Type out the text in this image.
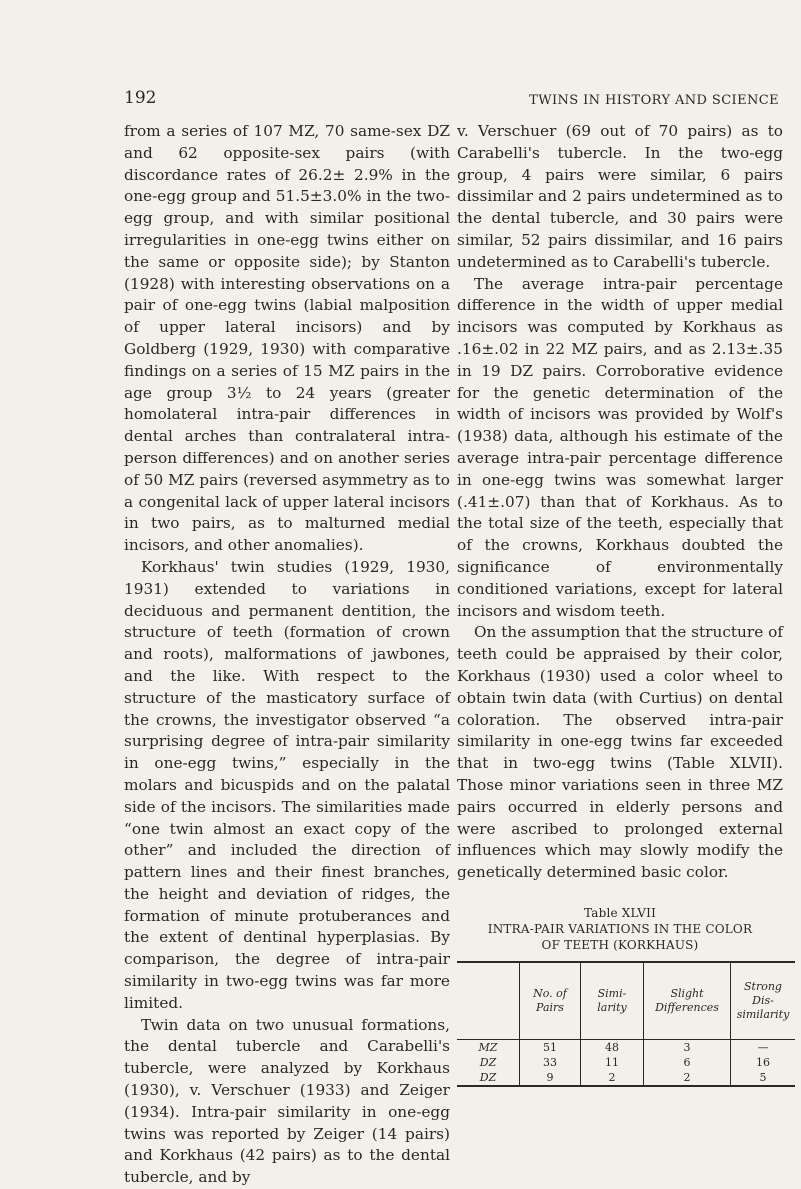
192	TWINS IN HISTORY AND SCIENCE

from a series of 107 MZ, 70 same-sex DZ and 62 opposite-sex pairs (with discordance rates of 26.2± 2.9% in the one-egg group and 51.5±3.0% in the two-egg group, and with similar positional irregularities in one-egg twins either on the same or opposite side); by Stanton (1928) with interesting observations on a pair of one-egg twins (labial malposition of upper lateral incisors) and by Goldberg (1929, 1930) with comparative findings on a series of 15 MZ pairs in the age group 3½ to 24 years (greater homolateral intra-pair differences in dental arches than contralateral intra-person differences) and on another series of 50 MZ pairs (reversed asymmetry as to a congenital lack of upper lateral incisors in two pairs, as to malturned medial incisors, and other anomalies).

Korkhaus' twin studies (1929, 1930, 1931) extended to variations in deciduous and permanent dentition, the structure of teeth (formation of crown and roots), malformations of jawbones, and the like. With respect to the structure of the masticatory surface of the crowns, the investigator observed “a surprising degree of intra-pair similarity in one-egg twins,” especially in the molars and bicuspids and on the palatal side of the incisors. The similarities made “one twin almost an exact copy of the other” and included the direction of pattern lines and their finest branches, the height and deviation of ridges, the formation of minute protuberances and the extent of dentinal hyperplasias. By comparison, the degree of intra-pair similarity in two-egg twins was far more limited.

Twin data on two unusual formations, the dental tubercle and Carabelli's tubercle, were analyzed by Korkhaus (1930), v. Verschuer (1933) and Zeiger (1934). Intra-pair similarity in one-egg twins was reported by Zeiger (14 pairs) and Korkhaus (42 pairs) as to the dental tubercle, and by

v. Verschuer (69 out of 70 pairs) as to Carabelli's tubercle. In the two-egg group, 4 pairs were similar, 6 pairs dissimilar and 2 pairs undetermined as to the dental tubercle, and 30 pairs were similar, 52 pairs dissimilar, and 16 pairs undetermined as to Carabelli's tubercle.

The average intra-pair percentage difference in the width of upper medial incisors was computed by Korkhaus as .16±.02 in 22 MZ pairs, and as 2.13±.35 in 19 DZ pairs. Corroborative evidence for the genetic determination of the width of incisors was provided by Wolf's (1938) data, although his estimate of the average intra-pair percentage difference in one-egg twins was somewhat larger (.41±.07) than that of Korkhaus. As to the total size of the teeth, especially that of the crowns, Korkhaus doubted the significance of environmentally conditioned variations, except for lateral incisors and wisdom teeth.

On the assumption that the structure of teeth could be appraised by their color, Korkhaus (1930) used a color wheel to obtain twin data (with Curtius) on dental coloration. The observed intra-pair similarity in one-egg twins far exceeded that in two-egg twins (Table XLVII). Those minor variations seen in three MZ pairs occurred in elderly persons and were ascribed to prolonged external influences which may slowly modify the genetically determined basic color.

Table XLVII
INTRA-PAIR VARIATIONS IN THE COLOR
OF TEETH (KORKHAUS)
	No. of Pairs	Simi-larity	Slight Differences	Strong Dis-similarity
MZ	51	48	3	—
DZ	33	11	6	16
DZ	9	2	2	5
